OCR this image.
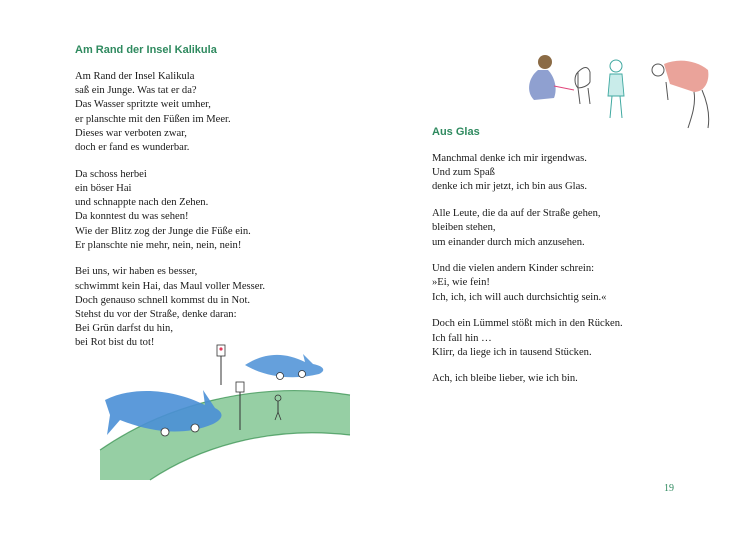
Am Rand der Insel Kalikula
Am Rand der Insel Kalikula
saß ein Junge. Was tat er da?
Das Wasser spritzte weit umher,
er planschte mit den Füßen im Meer.
Dieses war verboten zwar,
doch er fand es wunderbar.
Da schoss herbei
ein böser Hai
und schnappte nach den Zehen.
Da konntest du was sehen!
Wie der Blitz zog der Junge die Füße ein.
Er planschte nie mehr, nein, nein, nein!
Bei uns, wir haben es besser,
schwimmt kein Hai, das Maul voller Messer.
Doch genauso schnell kommst du in Not.
Stehst du vor der Straße, denke daran:
Bei Grün darfst du hin,
bei Rot bist du tot!
Aus Glas
Manchmal denke ich mir irgendwas.
Und zum Spaß
denke ich mir jetzt, ich bin aus Glas.
Alle Leute, die da auf der Straße gehen,
bleiben stehen,
um einander durch mich anzusehen.
Und die vielen andern Kinder schrein:
»Ei, wie fein!
Ich, ich, ich will auch durchsichtig sein.«
Doch ein Lümmel stößt mich in den Rücken.
Ich fall hin …
Klirr, da liege ich in tausend Stücken.
Ach, ich bleibe lieber, wie ich bin.
19
